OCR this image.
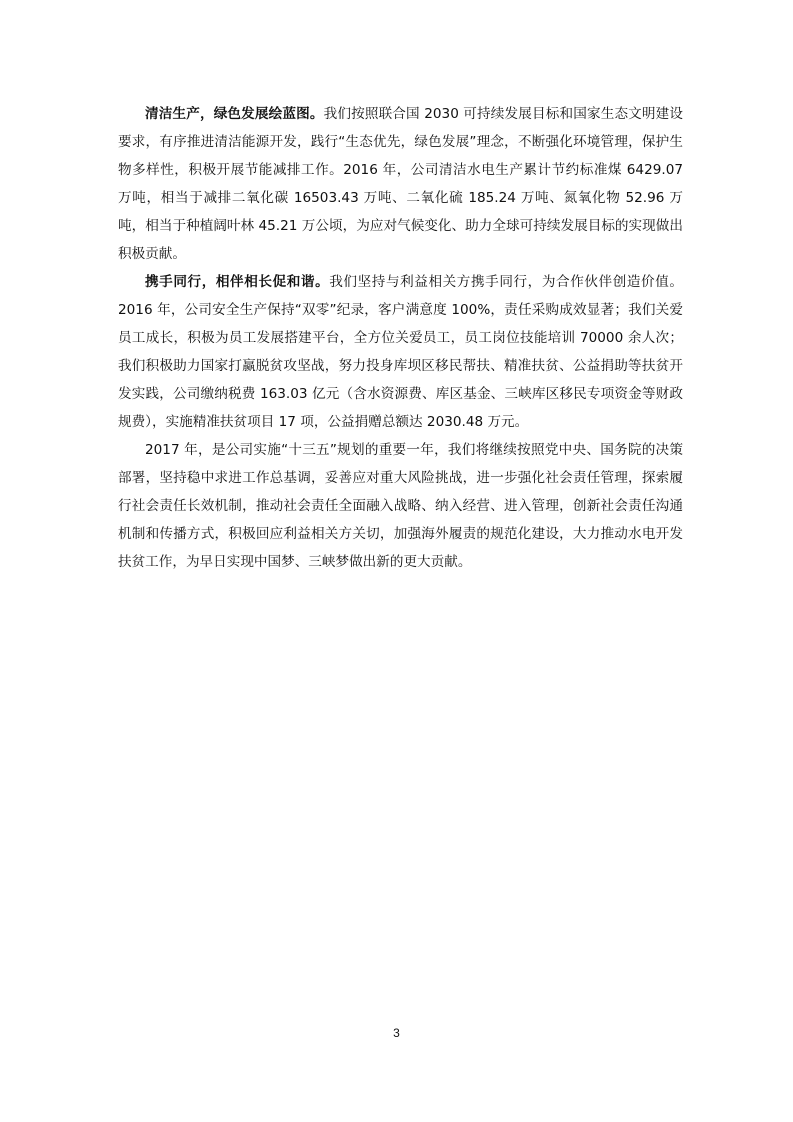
清洁生产，绿色发展绘蓝图。我们按照联合国 2030 可持续发展目标和国家生态文明建设要求，有序推进清洁能源开发，践行“生态优先，绿色发展”理念，不断强化环境管理，保护生物多样性，积极开展节能减排工作。2016 年，公司清洁水电生产累计节约标准煤 6429.07 万吨，相当于减排二氧化碳 16503.43 万吨、二氧化硫 185.24 万吨、氮氧化物 52.96 万吨，相当于种植阔叶林 45.21 万公顷，为应对气候变化、助力全球可持续发展目标的实现做出积极贡献。

携手同行，相伴相长促和谐。我们坚持与利益相关方携手同行，为合作伙伴创造价值。2016 年，公司安全生产保持“双零”纪录，客户满意度 100%，责任采购成效显著；我们关爱员工成长，积极为员工发展搭建平台，全方位关爱员工，员工岗位技能培训 70000 余人次；我们积极助力国家打赢脱贫攻坚战，努力投身库坝区移民帮扶、精准扶贫、公益捐助等扶贫开发实践，公司缴纳税费 163.03 亿元（含水资源费、库区基金、三峡库区移民专项资金等财政规费），实施精准扶贫项目 17 项，公益捐赠总额达 2030.48 万元。

2017 年，是公司实施“十三五”规划的重要一年，我们将继续按照党中央、国务院的决策部署，坚持稳中求进工作总基调，妥善应对重大风险挑战，进一步强化社会责任管理，探索履行社会责任长效机制，推动社会责任全面融入战略、纳入经营、进入管理，创新社会责任沟通机制和传播方式，积极回应利益相关方关切，加强海外履责的规范化建设，大力推动水电开发扶贫工作，为早日实现中国梦、三峡梦做出新的更大贡献。

3
